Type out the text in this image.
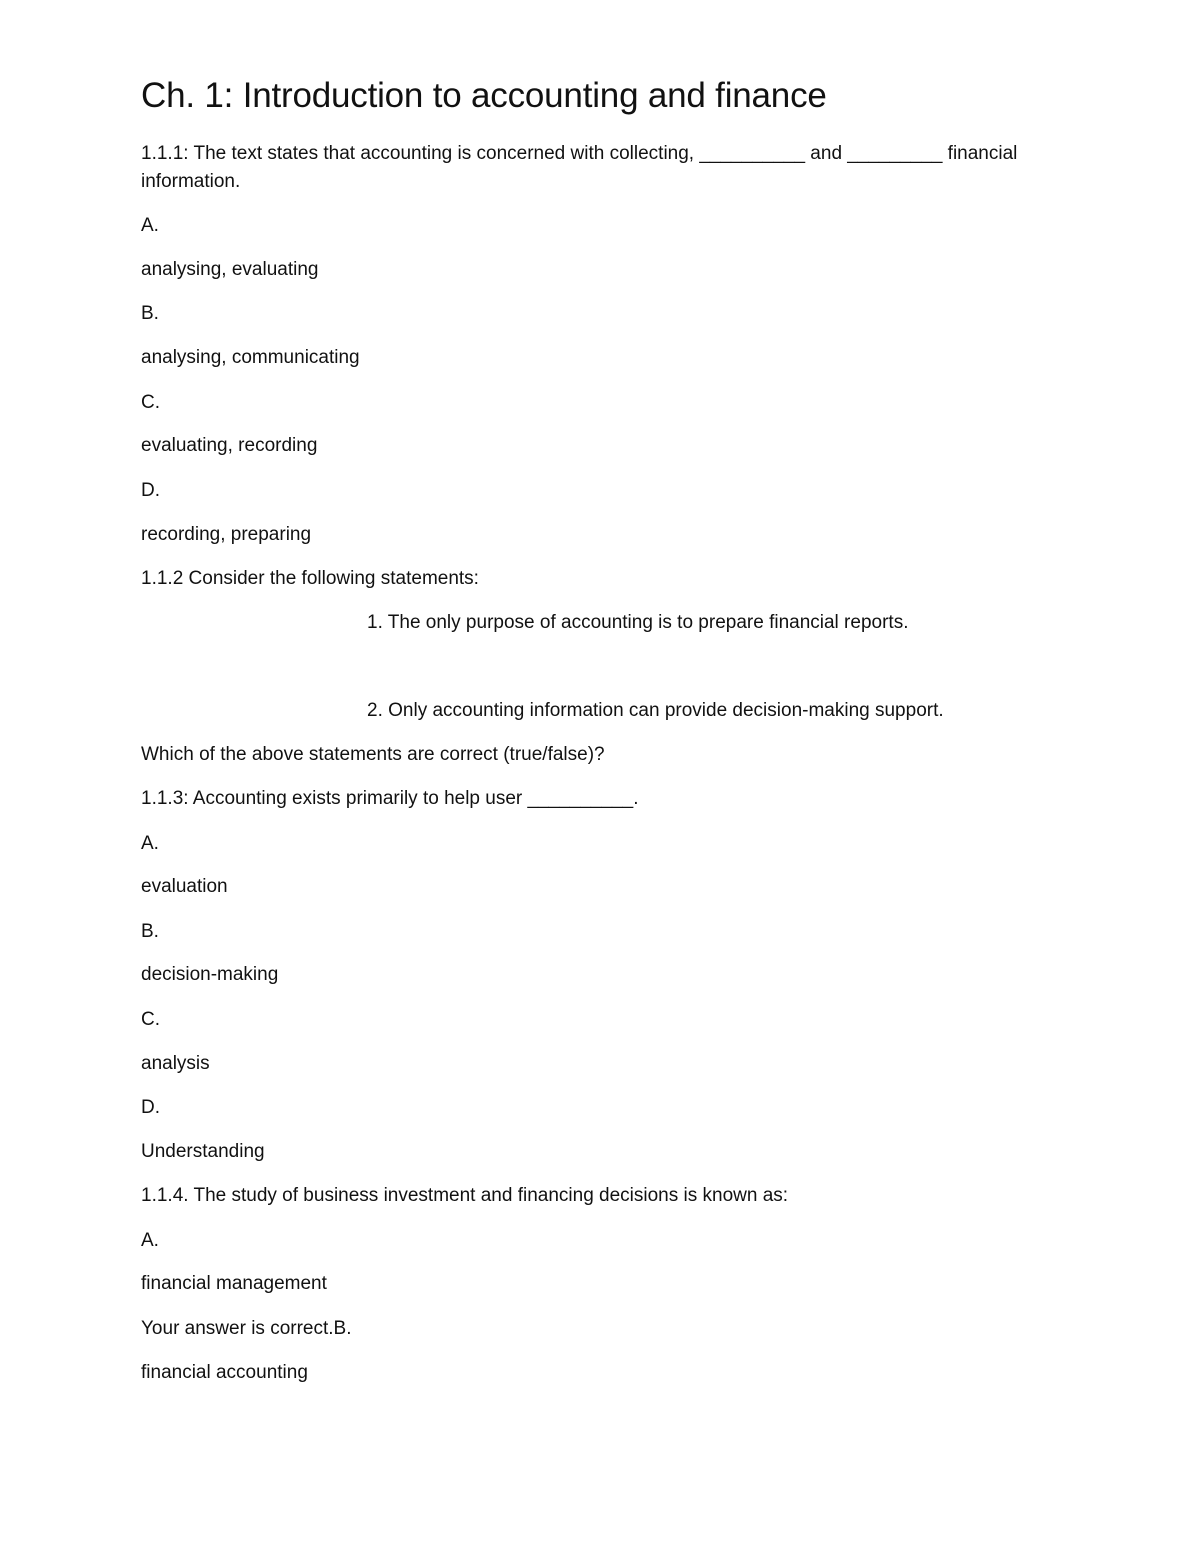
Ch. 1: Introduction to accounting and finance
1.1.1: The text states that accounting is concerned with collecting, __________ and _________ financial information.
A.
analysing, evaluating
B.
analysing, communicating
C.
evaluating, recording
D.
recording, preparing
1.1.2 Consider the following statements:
1. The only purpose of accounting is to prepare financial reports.
2. Only accounting information can provide decision-making support.
Which of the above statements are correct (true/false)?
1.1.3: Accounting exists primarily to help user __________.
A.
evaluation
B.
decision-making
C.
analysis
D.
Understanding
1.1.4. The study of business investment and financing decisions is known as:
A.
financial management
Your answer is correct.B.
financial accounting
